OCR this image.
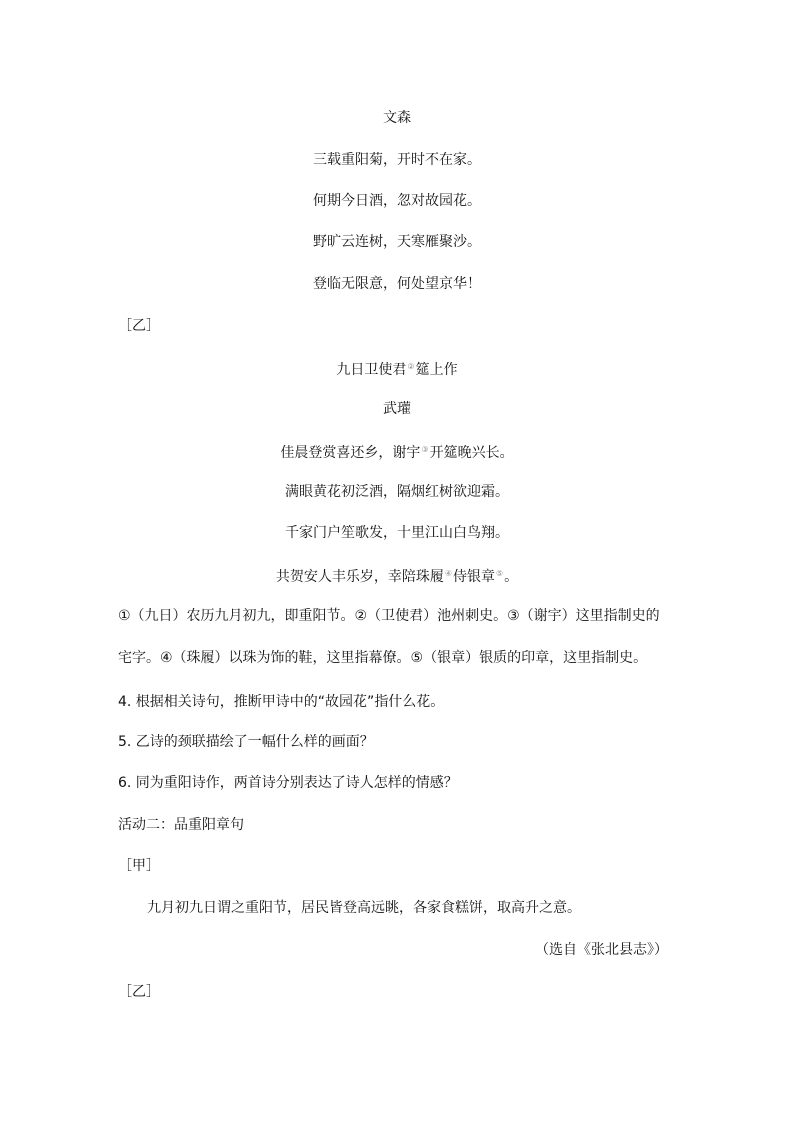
文森
三载重阳菊，开时不在家。
何期今日酒，忽对故园花。
野旷云连树，天寒雁聚沙。
登临无限意，何处望京华！
［乙］
九日卫使君②筵上作
武瓘
佳晨登赏喜还乡，谢宇③开筵晚兴长。
满眼黄花初泛酒，隔烟红树欲迎霜。
千家门户笙歌发，十里江山白鸟翔。
共贺安人丰乐岁，幸陪珠履④侍银章⑤。
①（九日）农历九月初九，即重阳节。②（卫使君）池州刺史。③（谢宇）这里指制史的
宅字。④（珠履）以珠为饰的鞋，这里指幕僚。⑤（银章）银质的印章，这里指制史。
4. 根据相关诗句，推断甲诗中的“故园花”指什么花。
5. 乙诗的颈联描绘了一幅什么样的画面？
6. 同为重阳诗作，两首诗分别表达了诗人怎样的情感？
活动二：品重阳章句
［甲］
九月初九日谓之重阳节，居民皆登高远眺，各家食糕饼，取高升之意。
（选自《张北县志》）
［乙］
